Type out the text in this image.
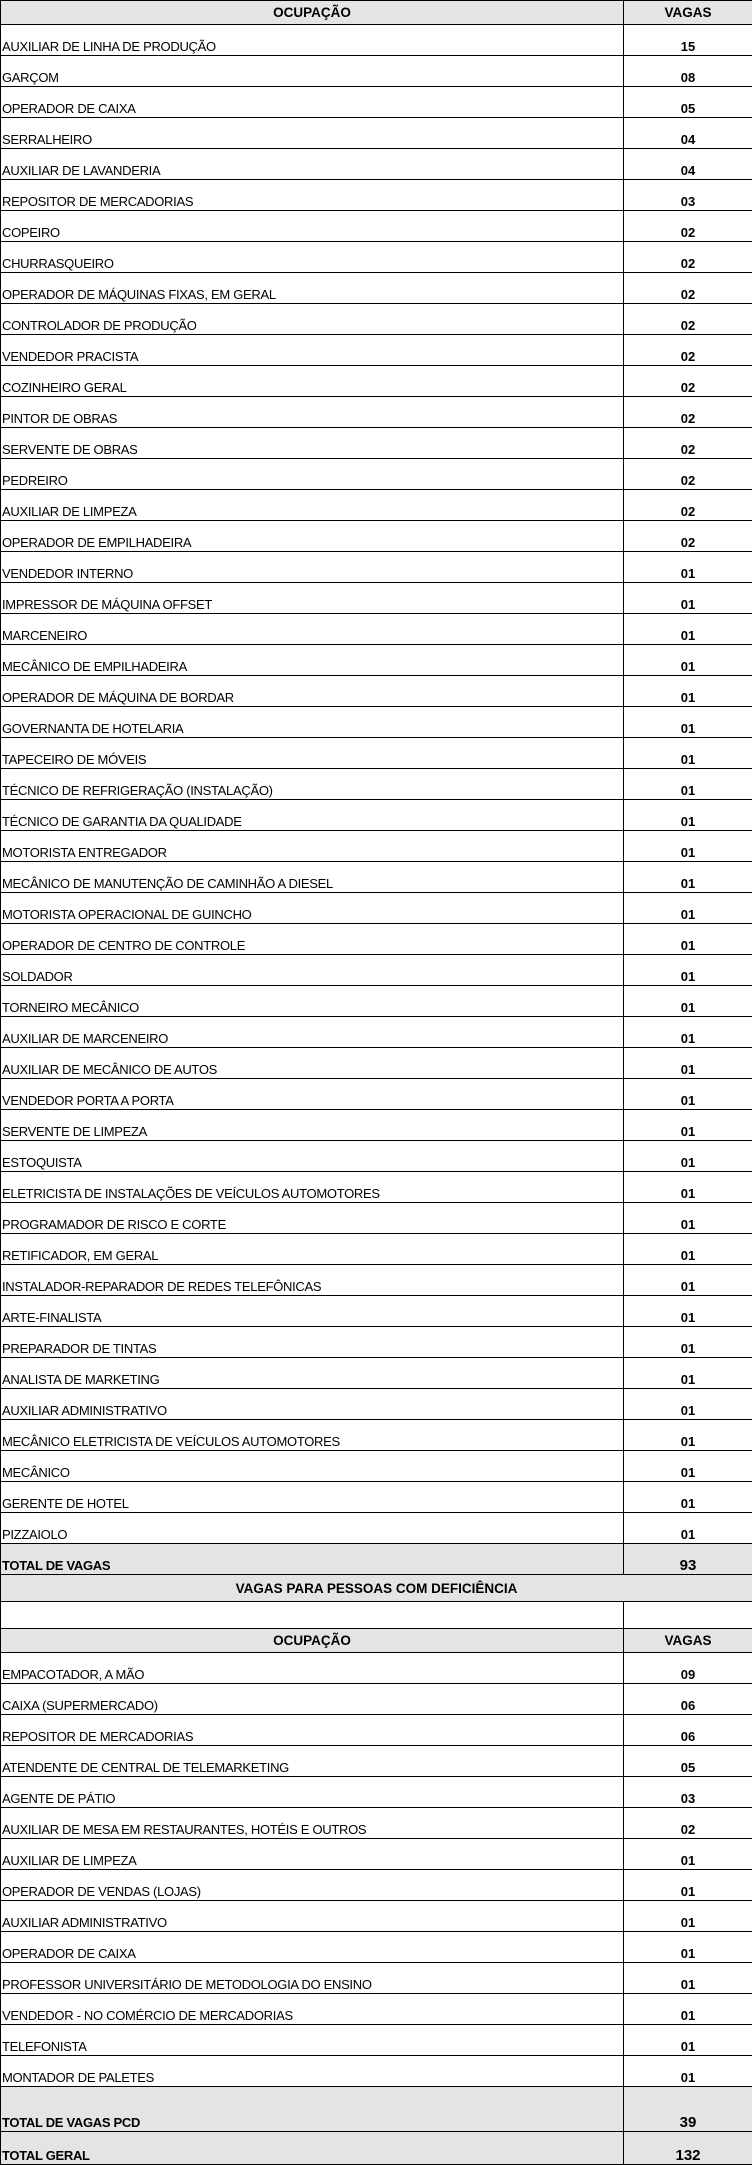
OCUPAÇÃO	VAGAS
AUXILIAR DE LINHA DE PRODUÇÃO	15
GARÇOM	08
OPERADOR DE CAIXA	05
SERRALHEIRO	04
AUXILIAR DE LAVANDERIA	04
REPOSITOR DE MERCADORIAS	03
COPEIRO	02
CHURRASQUEIRO	02
OPERADOR DE MÁQUINAS FIXAS, EM GERAL	02
CONTROLADOR DE PRODUÇÃO	02
VENDEDOR PRACISTA	02
COZINHEIRO GERAL	02
PINTOR DE OBRAS	02
SERVENTE DE OBRAS	02
PEDREIRO	02
AUXILIAR DE LIMPEZA	02
OPERADOR DE EMPILHADEIRA	02
VENDEDOR INTERNO	01
IMPRESSOR DE MÁQUINA OFFSET	01
MARCENEIRO	01
MECÂNICO DE EMPILHADEIRA	01
OPERADOR DE MÁQUINA DE BORDAR	01
GOVERNANTA DE HOTELARIA	01
TAPECEIRO DE MÓVEIS	01
TÉCNICO DE REFRIGERAÇÃO (INSTALAÇÃO)	01
TÉCNICO DE GARANTIA DA QUALIDADE	01
MOTORISTA ENTREGADOR	01
MECÂNICO DE MANUTENÇÃO DE CAMINHÃO A DIESEL	01
MOTORISTA OPERACIONAL DE GUINCHO	01
OPERADOR DE CENTRO DE CONTROLE	01
SOLDADOR	01
TORNEIRO MECÂNICO	01
AUXILIAR DE MARCENEIRO	01
AUXILIAR DE MECÂNICO DE AUTOS	01
VENDEDOR PORTA A PORTA	01
SERVENTE DE LIMPEZA	01
ESTOQUISTA	01
ELETRICISTA DE INSTALAÇÕES DE VEÍCULOS AUTOMOTORES	01
PROGRAMADOR DE RISCO E CORTE	01
RETIFICADOR, EM GERAL	01
INSTALADOR-REPARADOR DE REDES TELEFÔNICAS	01
ARTE-FINALISTA	01
PREPARADOR DE TINTAS	01
ANALISTA DE MARKETING	01
AUXILIAR ADMINISTRATIVO	01
MECÂNICO ELETRICISTA DE VEÍCULOS AUTOMOTORES	01
MECÂNICO	01
GERENTE DE HOTEL	01
PIZZAIOLO	01
TOTAL DE VAGAS	93
VAGAS PARA PESSOAS COM DEFICIÊNCIA	

OCUPAÇÃO	VAGAS
EMPACOTADOR, A MÃO	09
CAIXA (SUPERMERCADO)	06
REPOSITOR DE MERCADORIAS	06
ATENDENTE DE CENTRAL DE TELEMARKETING	05
AGENTE DE PÁTIO	03
AUXILIAR DE MESA EM RESTAURANTES, HOTÉIS E OUTROS	02
AUXILIAR DE LIMPEZA	01
OPERADOR DE VENDAS (LOJAS)	01
AUXILIAR ADMINISTRATIVO	01
OPERADOR DE CAIXA	01
PROFESSOR UNIVERSITÁRIO DE METODOLOGIA DO ENSINO	01
VENDEDOR - NO COMÉRCIO DE MERCADORIAS	01
TELEFONISTA	01
MONTADOR DE PALETES	01
TOTAL DE VAGAS PCD	39
TOTAL GERAL	132
